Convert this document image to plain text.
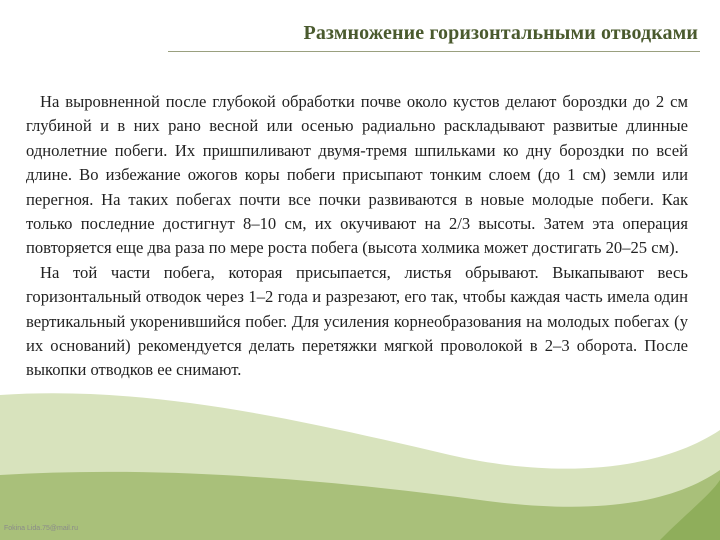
Размножение горизонтальными отводками

На выровненной после глубокой обработки почве около кустов делают бороздки до 2 см глубиной и в них рано весной или осенью радиально раскладывают развитые длинные однолетние побеги. Их пришпиливают двумя-тремя шпильками ко дну бороздки по всей длине. Во избежание ожогов коры побеги присыпают тонким слоем (до 1 см) земли или перегноя. На таких побегах почти все почки развиваются в новые молодые побеги. Как только последние достигнут 8–10 см, их окучивают на 2/3 высоты. Затем эта операция повторяется еще два раза по мере роста побега (высота холмика может достигать 20–25 см).

На той части побега, которая присыпается, листья обрывают. Выкапывают весь горизонтальный отводок через 1–2 года и разрезают, его так, чтобы каждая часть имела один вертикальный укоренившийся побег. Для усиления корнеобразования на молодых побегах (у их оснований) рекомендуется делать перетяжки мягкой проволокой в 2–3 оборота. После выкопки отводков ее снимают.

Fokina Lida.75@mail.ru
